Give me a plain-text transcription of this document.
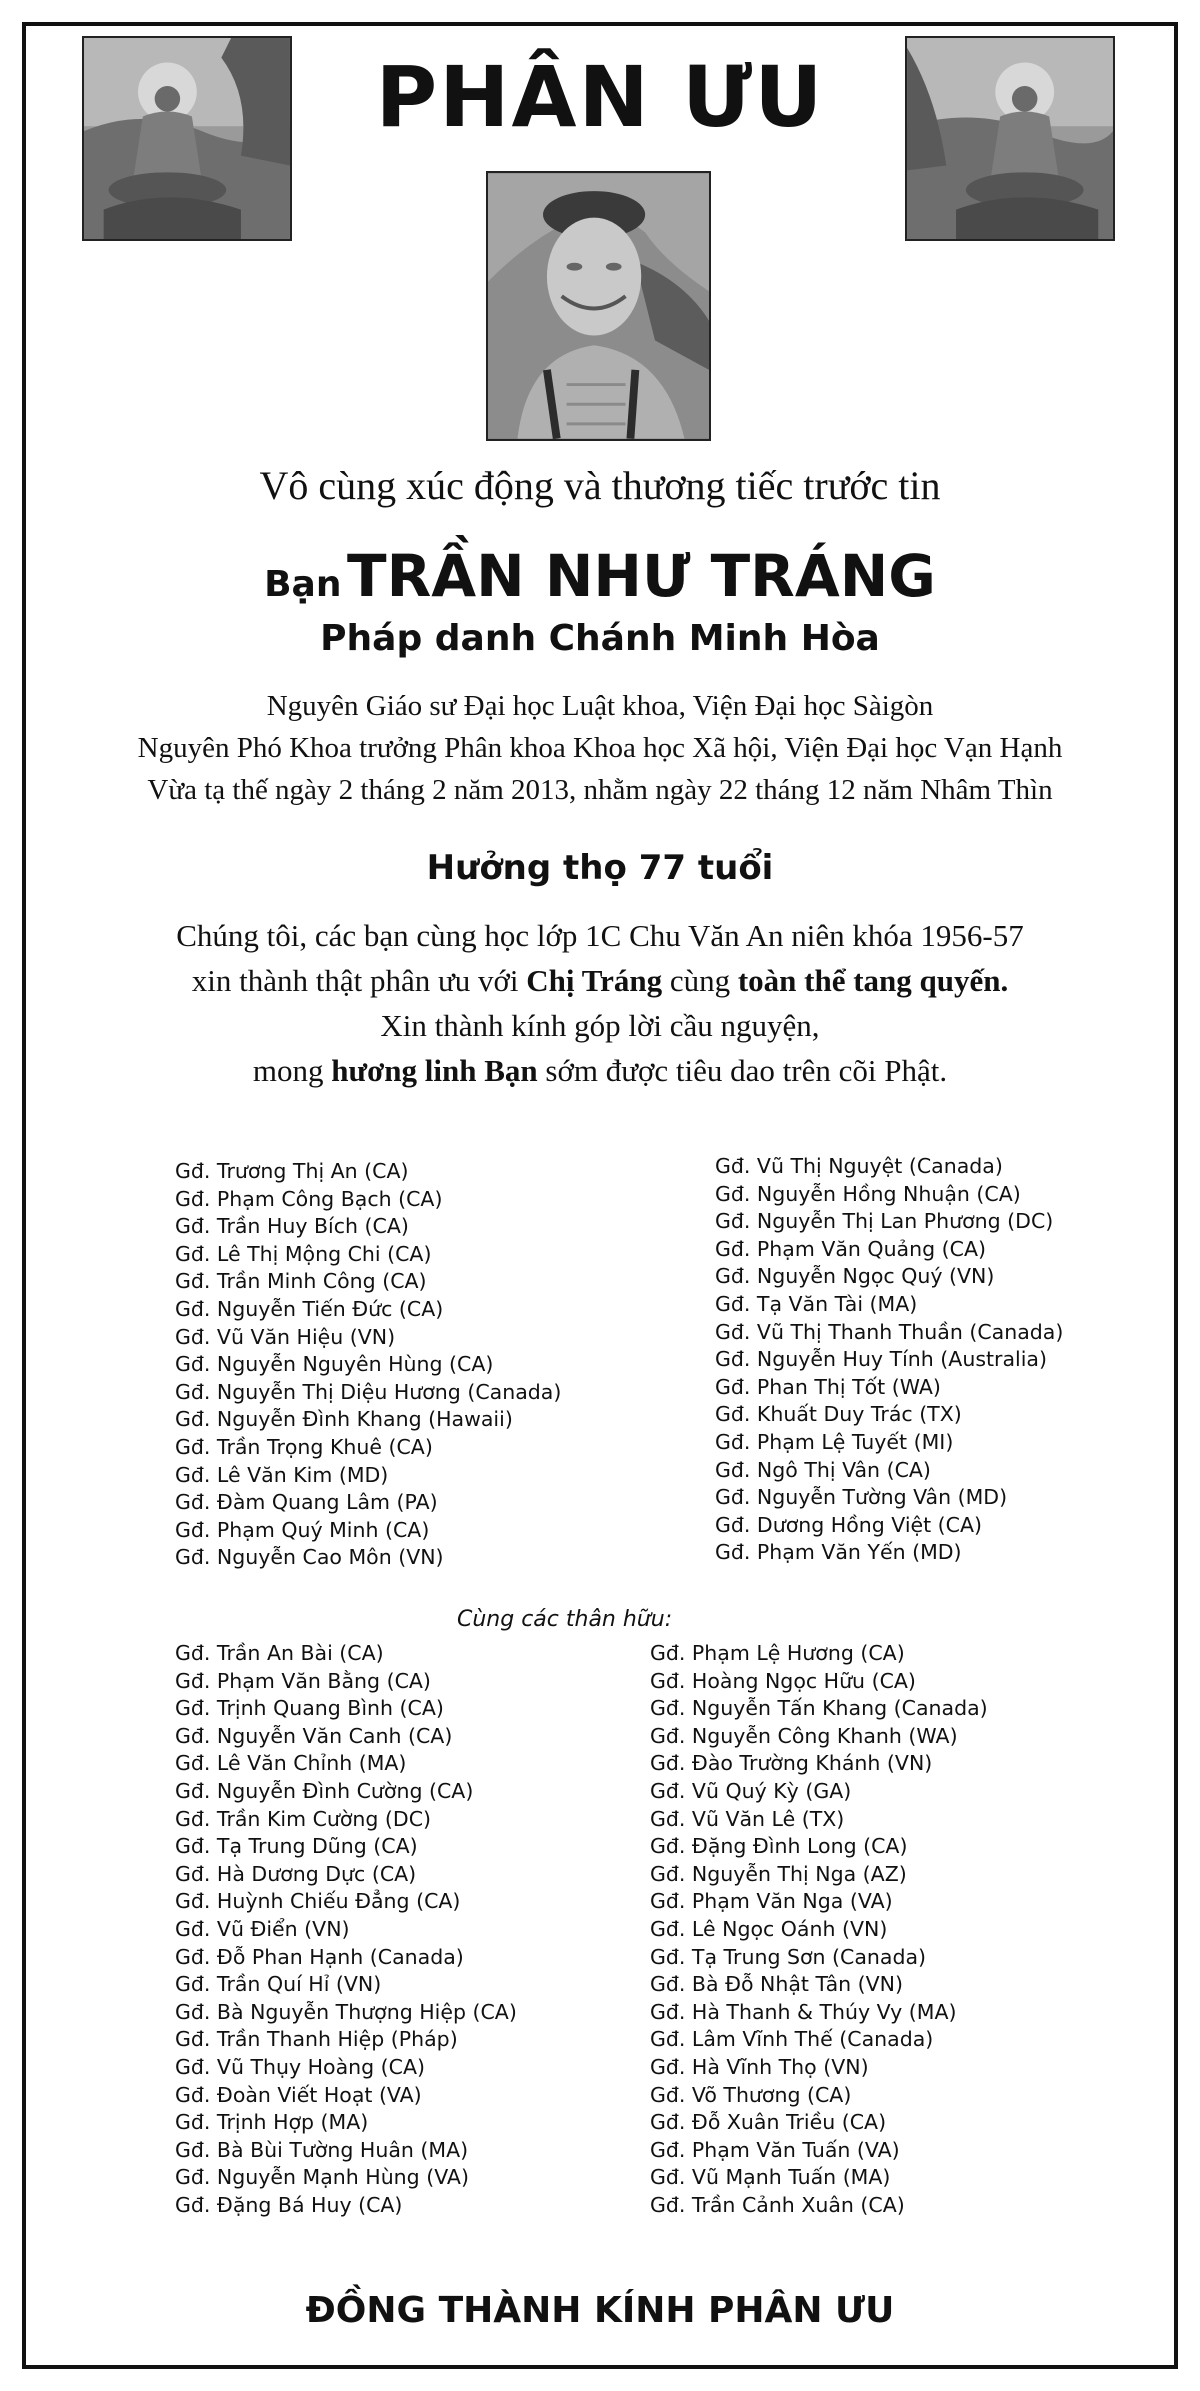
PHÂN ƯU
Vô cùng xúc động và thương tiếc trước tin
Bạn TRẦN NHƯ TRÁNG
Pháp danh Chánh Minh Hòa
Nguyên Giáo sư Đại học Luật khoa, Viện Đại học Sàigòn
Nguyên Phó Khoa trưởng Phân khoa Khoa học Xã hội, Viện Đại học Vạn Hạnh
Vừa tạ thế ngày 2 tháng 2 năm 2013, nhằm ngày 22 tháng 12 năm Nhâm Thìn
Hưởng thọ 77 tuổi
Chúng tôi, các bạn cùng học lớp 1C Chu Văn An niên khóa 1956-57
xin thành thật phân ưu với Chị Tráng cùng toàn thể tang quyến.
Xin thành kính góp lời cầu nguyện,
mong hương linh Bạn sớm được tiêu dao trên cõi Phật.
Gđ. Trương Thị An (CA)
Gđ. Phạm Công Bạch (CA)
Gđ. Trần Huy Bích (CA)
Gđ. Lê Thị Mộng Chi (CA)
Gđ. Trần Minh Công (CA)
Gđ. Nguyễn Tiến Đức (CA)
Gđ. Vũ Văn Hiệu (VN)
Gđ. Nguyễn Nguyên Hùng (CA)
Gđ. Nguyễn Thị Diệu Hương (Canada)
Gđ. Nguyễn Đình Khang (Hawaii)
Gđ. Trần Trọng Khuê (CA)
Gđ. Lê Văn Kim (MD)
Gđ. Đàm Quang Lâm (PA)
Gđ. Phạm Quý Minh (CA)
Gđ. Nguyễn Cao Môn (VN)
Gđ. Vũ Thị Nguyệt (Canada)
Gđ. Nguyễn Hồng Nhuận (CA)
Gđ. Nguyễn Thị Lan Phương (DC)
Gđ. Phạm Văn Quảng (CA)
Gđ. Nguyễn Ngọc Quý (VN)
Gđ. Tạ Văn Tài (MA)
Gđ. Vũ Thị Thanh Thuần (Canada)
Gđ. Nguyễn Huy Tính (Australia)
Gđ. Phan Thị Tốt (WA)
Gđ. Khuất Duy Trác (TX)
Gđ. Phạm Lệ Tuyết (MI)
Gđ. Ngô Thị Vân (CA)
Gđ. Nguyễn Tường Vân (MD)
Gđ. Dương Hồng Việt (CA)
Gđ. Phạm Văn Yến (MD)
Cùng các thân hữu:
Gđ. Trần An Bài (CA)
Gđ. Phạm Văn Bằng (CA)
Gđ. Trịnh Quang Bình (CA)
Gđ. Nguyễn Văn Canh (CA)
Gđ. Lê Văn Chỉnh (MA)
Gđ. Nguyễn Đình Cường (CA)
Gđ. Trần Kim Cường (DC)
Gđ. Tạ Trung Dũng (CA)
Gđ. Hà Dương Dực (CA)
Gđ. Huỳnh Chiếu Đẳng (CA)
Gđ. Vũ Điển (VN)
Gđ. Đỗ Phan Hạnh (Canada)
Gđ. Trần Quí Hỉ (VN)
Gđ. Bà Nguyễn Thượng Hiệp (CA)
Gđ. Trần Thanh Hiệp (Pháp)
Gđ. Vũ Thụy Hoàng (CA)
Gđ. Đoàn Viết Hoạt (VA)
Gđ. Trịnh Hợp (MA)
Gđ. Bà Bùi Tường Huân (MA)
Gđ. Nguyễn Mạnh Hùng (VA)
Gđ. Đặng Bá Huy (CA)
Gđ. Phạm Lệ Hương (CA)
Gđ. Hoàng Ngọc Hữu (CA)
Gđ. Nguyễn Tấn Khang (Canada)
Gđ. Nguyễn Công Khanh (WA)
Gđ. Đào Trường Khánh (VN)
Gđ. Vũ Quý Kỳ (GA)
Gđ. Vũ Văn Lê (TX)
Gđ. Đặng Đình Long (CA)
Gđ. Nguyễn Thị Nga (AZ)
Gđ. Phạm Văn Nga (VA)
Gđ. Lê Ngọc Oánh (VN)
Gđ. Tạ Trung Sơn (Canada)
Gđ. Bà Đỗ Nhật Tân (VN)
Gđ. Hà Thanh & Thúy Vy (MA)
Gđ. Lâm Vĩnh Thế (Canada)
Gđ. Hà Vĩnh Thọ (VN)
Gđ. Võ Thương (CA)
Gđ. Đỗ Xuân Triều (CA)
Gđ. Phạm Văn Tuấn (VA)
Gđ. Vũ Mạnh Tuấn (MA)
Gđ. Trần Cảnh Xuân (CA)
ĐỒNG THÀNH KÍNH PHÂN ƯU
